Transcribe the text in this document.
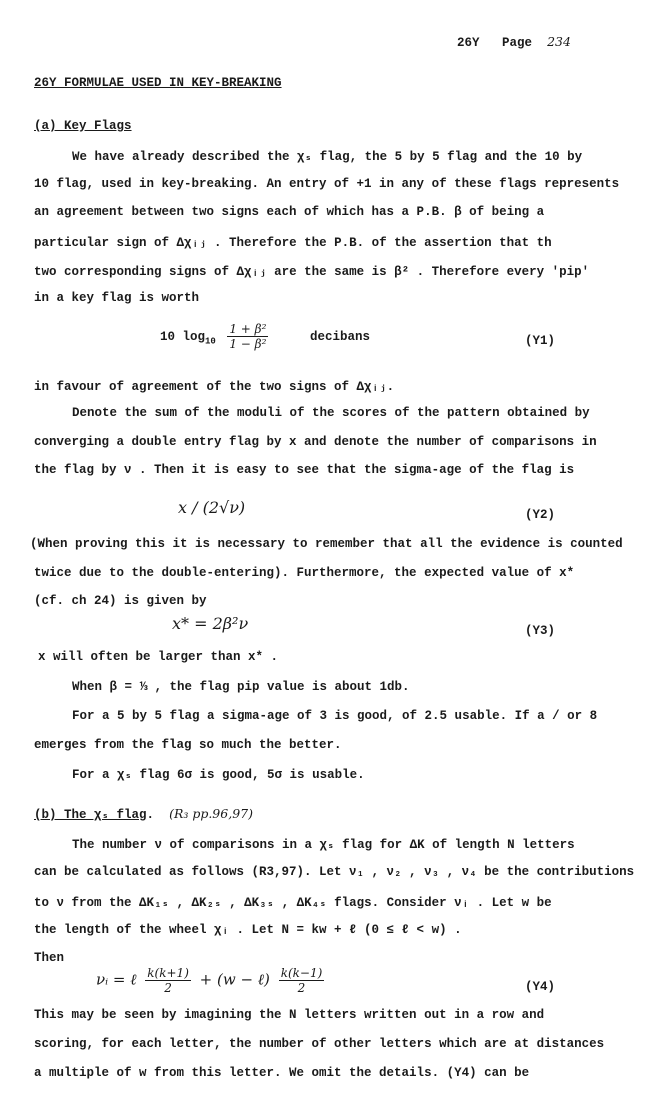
26Y Page 234
26Y FORMULAE USED IN KEY-BREAKING
(a) Key Flags
We have already described the χₛ flag, the 5 by 5 flag and the 10 by
10 flag, used in key-breaking. An entry of +1 in any of these flags represents
an agreement between two signs each of which has a P.B. β of being a
particular sign of Δχᵢⱼ . Therefore the P.B. of the assertion that th
two corresponding signs of Δχᵢⱼ are the same is β² . Therefore every 'pip'
in a key flag is worth
10 $\log_{10} \frac{\text{1 + β²}}{\text{1 − β²}}$	decibans	(Y1)
in favour of agreement of the two signs of Δχᵢⱼ.
Denote the sum of the moduli of the scores of the pattern obtained by
converging a double entry flag by x and denote the number of comparisons in
the flag by ν . Then it is easy to see that the sigma-age of the flag is
x / (2√ν)	(Y2)
(When proving this it is necessary to remember that all the evidence is counted
twice due to the double-entering). Furthermore, the expected value of x*
(cf. ch 24) is given by
x* = 2β²ν	(Y3)
x will often be larger than x* .
When β = ⅓ , the flag pip value is about 1db.
For a 5 by 5 flag a sigma-age of 3 is good, of 2.5 usable. If a / or 8
emerges from the flag so much the better.
For a χₛ flag 6σ is good, 5σ is usable.
(b) The χₛ flag.  (R₃ pp.96,97)
The number ν of comparisons in a χₛ flag for ΔK of length N letters
can be calculated as follows (R3,97). Let ν₁ , ν₂ , ν₃ , ν₄ be the contributions
to ν from the ΔK₁ₛ , ΔK₂ₛ , ΔK₃ₛ , ΔK₄ₛ flags. Consider νᵢ . Let w be
the length of the wheel χᵢ . Let N = kw + ℓ (0 ≤ ℓ < w) .
Then
νᵢ = ℓ $\frac{k(k+1)}{2} + (w$ − ℓ) $\frac{k(k-1)}{2}$	(Y4)
This may be seen by imagining the N letters written out in a row and
scoring, for each letter, the number of other letters which are at distances
a multiple of w from this letter. We omit the details. (Y4) can be
